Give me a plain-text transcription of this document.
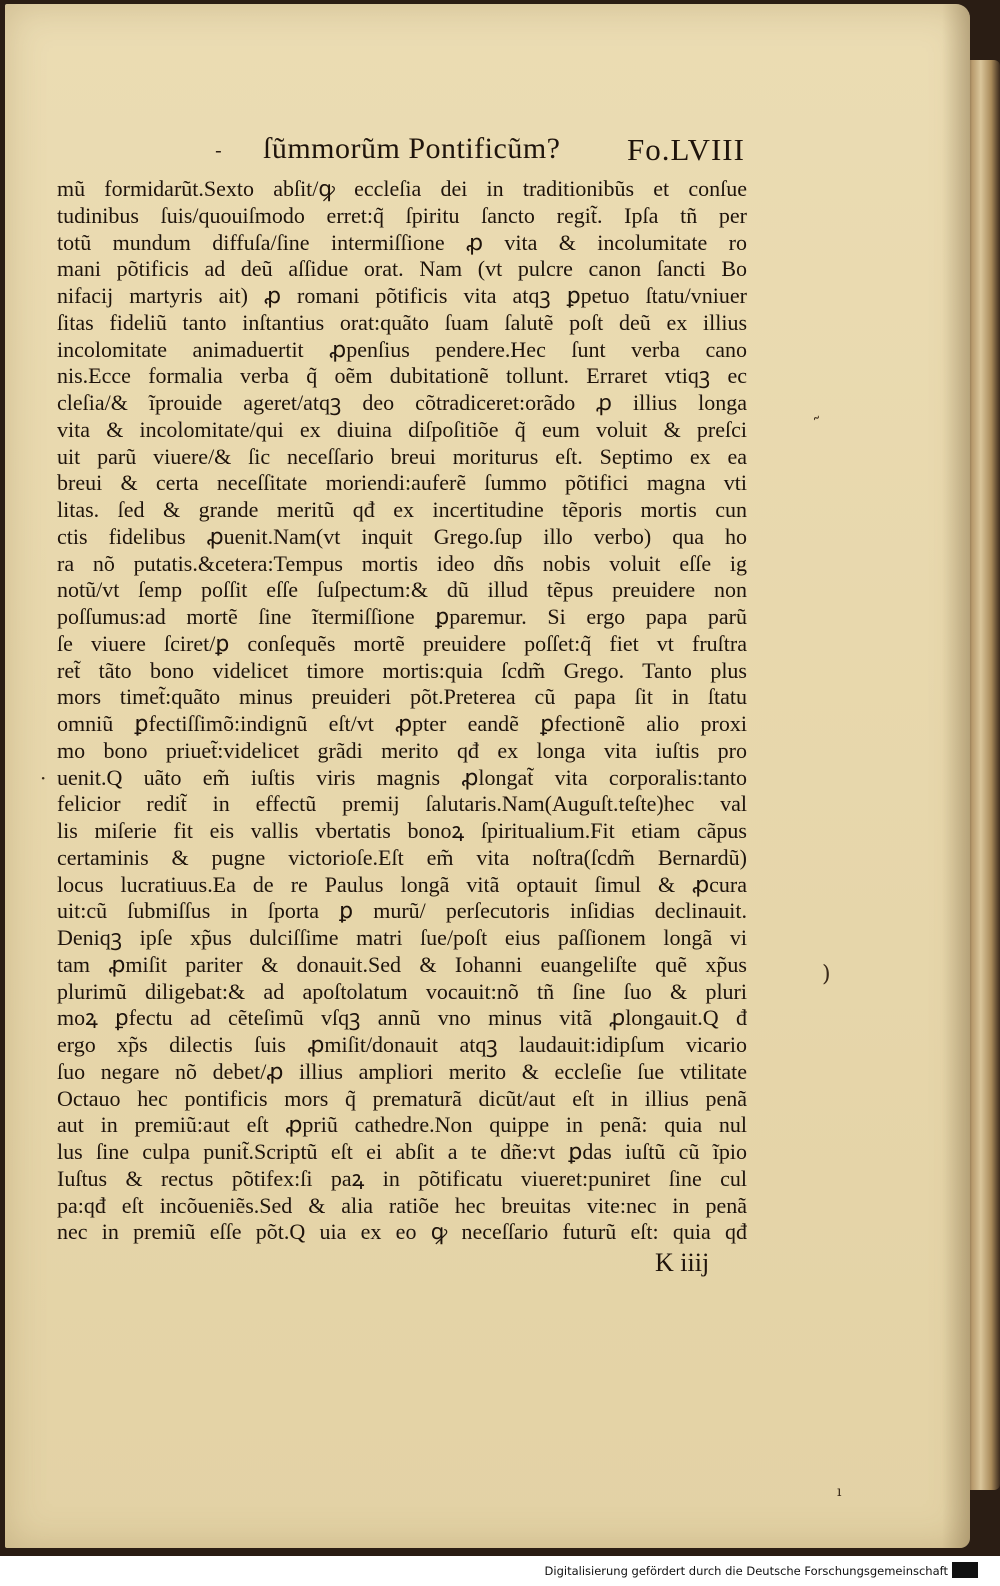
- ſũmmorũm Pontificũm? Fo.LVIII
mũ formidarũt.Sexto abſit/ꝙ eccleſia dei in traditionibũs et conſue
tudinibus ſuis/quouiſmodo erret:q̃ ſpiritu ſancto regit̃. Ipſa tñ per
totũ mundum diffuſa/ſine intermiſſione ꝓ vita & incolumitate ro
mani põtificis ad deũ aſſidue orat. Nam (vt pulcre canon ſancti Bo
nifacij martyris ait) ꝓ romani põtificis vita atqꝫ ꝑpetuo ſtatu/vniuer
ſitas fideliũ tanto inſtantius orat:quãto ſuam ſalutẽ poſt deũ ex illius
incolomitate animaduertit ꝓpenſius pendere.Hec ſunt verba cano
nis.Ecce formalia verba q̃ oẽm dubitationẽ tollunt. Erraret vtiqꝫ ec
cleſia/& ĩprouide ageret/atqꝫ deo cõtradiceret:orãdo ꝓ illius longa
vita & incolomitate/qui ex diuina diſpoſitiõe q̃ eum voluit & preſci
uit parũ viuere/& ſic neceſſario breui moriturus eſt. Septimo ex ea
breui & certa neceſſitate moriendi:auferẽ ſummo põtifici magna vti
litas. ſed & grande meritũ qđ ex incertitudine tẽporis mortis cun
ctis fidelibus ꝓuenit.Nam(vt inquit Grego.ſup illo verbo) qua ho
ra nõ putatis.&cetera:Tempus mortis ideo dñs nobis voluit eſſe ig
notũ/vt ſemp poſſit eſſe ſuſpectum:& dũ illud tẽpus preuidere non
poſſumus:ad mortẽ ſine ĩtermiſſione ꝑparemur. Si ergo papa parũ
ſe viuere ſciret/ꝑ conſequẽs mortẽ preuidere poſſet:q̃ fiet vt fruſtra
ret̃ tãto bono videlicet timore mortis:quia ſcdm̃ Grego. Tanto plus
mors timet̃:quãto minus preuideri põt.Preterea cũ papa ſit in ſtatu
omniũ ꝑfectiſſimõ:indignũ eſt/vt ꝓpter eandẽ ꝑfectionẽ alio proxi
mo bono priuet̃:videlicet grãdi merito qđ ex longa vita iuſtis pro
uenit.Q uãto em̃ iuſtis viris magnis ꝓlongat̃ vita corporalis:tanto
felicior redit̃ in effectũ premij ſalutaris.Nam(Auguſt.teſte)hec val
lis miſerie fit eis vallis vbertatis bonoꝝ ſpiritualium.Fit etiam cãpus
certaminis & pugne victorioſe.Eſt em̃ vita noſtra(ſcdm̃ Bernardũ)
locus lucratiuus.Ea de re Paulus longã vitã optauit ſimul & ꝓcura
uit:cũ ſubmiſſus in ſporta ꝑ murũ/ perſecutoris inſidias declinauit.
Deniqꝫ ipſe xp̃us dulciſſime matri ſue/poſt eius paſſionem longã vi
tam ꝓmiſit pariter & donauit.Sed & Iohanni euangeliſte quẽ xp̃us
plurimũ diligebat:& ad apoſtolatum vocauit:nõ tñ ſine ſuo & pluri
moꝝ ꝑfectu ad cẽteſimũ vſqꝫ annũ vno minus vitã ꝓlongauit.Q đ
ergo xp̃s dilectis ſuis ꝓmiſit/donauit atqꝫ laudauit:idipſum vicario
ſuo negare nõ debet/ꝓ illius ampliori merito & eccleſie ſue vtilitate
Octauo hec pontificis mors q̃ prematurã dicũt/aut eſt in illius penã
aut in premiũ:aut eſt ꝓpriũ cathedre.Non quippe in penã: quia nul
lus ſine culpa punit̃.Scriptũ eſt ei abſit a te dñe:vt ꝑdas iuſtũ cũ ĩpio
Iuſtus & rectus põtifex:ſi paꝝ in põtificatu viueret:puniret ſine cul
pa:qđ eſt incõueniẽs.Sed & alia ratiõe hec breuitas vite:nec in penã
nec in premiũ eſſe põt.Q uia ex eo ꝙ neceſſario futurũ eſt: quia qđ
K iiij
˜
)
·
ı
Digitalisierung gefördert durch die Deutsche Forschungsgemeinschaft
